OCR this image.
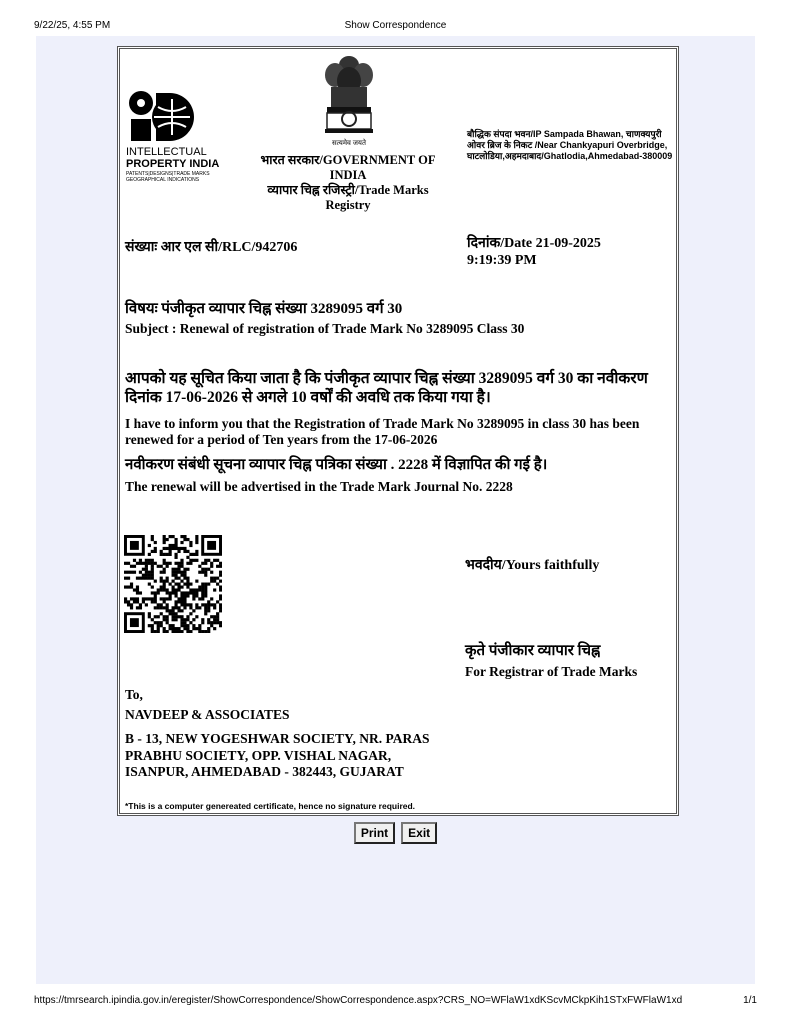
9/22/25, 4:55 PM	Show Correspondence
INTELLECTUAL
PROPERTY INDIA
PATENTS|DESIGNS|TRADE MARKS
GEOGRAPHICAL INDICATIONS
सत्यमेव जयते
भारत सरकार/GOVERNMENT OF INDIA
व्यापार चिह्न रजिस्ट्री/Trade Marks Registry
बौद्धिक संपदा भवन/IP Sampada Bhawan, चाणक्यपुरी ओवर ब्रिज के निकट /Near Chankyapuri Overbridge, घाटलोडिया,अहमदाबाद/Ghatlodia,Ahmedabad-380009
संख्याः आर एल सी/RLC/942706	दिनांक/Date 21-09-2025
9:19:39 PM
विषयः पंजीकृत व्यापार चिह्न संख्या 3289095 वर्ग 30
Subject : Renewal of registration of Trade Mark No 3289095 Class 30
आपको यह सूचित किया जाता है कि पंजीकृत व्यापार चिह्न संख्या 3289095 वर्ग 30 का नवीकरण दिनांक 17-06-2026 से अगले 10 वर्षों की अवधि तक किया गया है।
I have to inform you that the Registration of Trade Mark No 3289095 in class 30 has been renewed for a period of Ten years from the 17-06-2026
नवीकरण संबंधी सूचना व्यापार चिह्न पत्रिका संख्या . 2228 में विज्ञापित की गई है।
The renewal will be advertised in the Trade Mark Journal No. 2228
भवदीय/Yours faithfully
कृते पंजीकार व्यापार चिह्न
For Registrar of Trade Marks
To,
NAVDEEP & ASSOCIATES
B - 13, NEW YOGESHWAR SOCIETY, NR. PARAS PRABHU SOCIETY, OPP. VISHAL NAGAR, ISANPUR, AHMEDABAD - 382443, GUJARAT
*This is a computer genereated certificate, hence no signature required.
Print Exit
https://tmrsearch.ipindia.gov.in/eregister/ShowCorrespondence/ShowCorrespondence.aspx?CRS_NO=WFlaW1xdKScvMCkpKih1STxFWFlaW1xd	1/1
